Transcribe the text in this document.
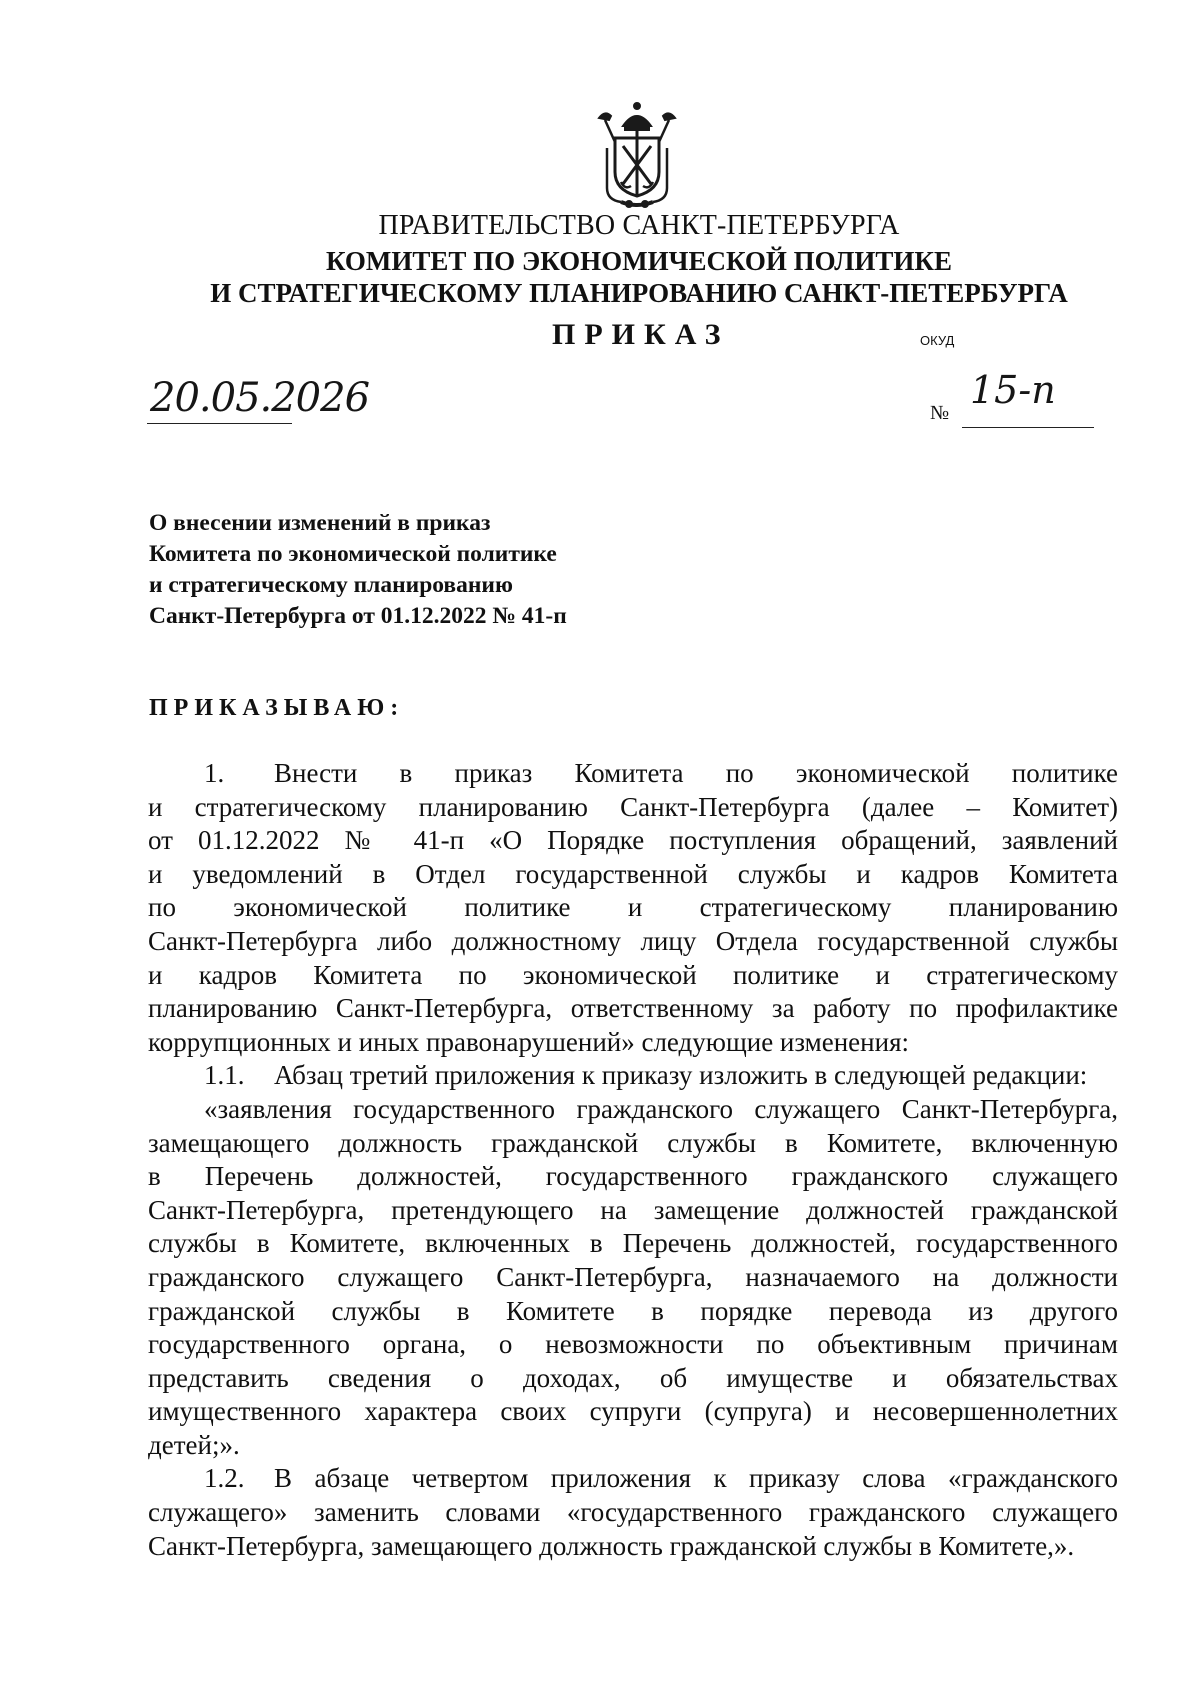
ПРАВИТЕЛЬСТВО САНКТ-ПЕТЕРБУРГА
КОМИТЕТ ПО ЭКОНОМИЧЕСКОЙ ПОЛИТИКЕ
И СТРАТЕГИЧЕСКОМУ ПЛАНИРОВАНИЮ САНКТ-ПЕТЕРБУРГА
ПРИКАЗ	ОКУД
20.05.2026	№
15-п
О внесении изменений в приказ
Комитета по экономической политике
и стратегическому планированию
Санкт-Петербурга от 01.12.2022 № 41-п
ПРИКАЗЫВАЮ:
1.	Внести в приказ Комитета по экономической политике
и стратегическому планированию Санкт-Петербурга (далее – Комитет)
от 01.12.2022 № 41-п «О Порядке поступления обращений, заявлений
и уведомлений в Отдел государственной службы и кадров Комитета
по экономической политике и стратегическому планированию
Санкт-Петербурга либо должностному лицу Отдела государственной службы
и кадров Комитета по экономической политике и стратегическому
планированию Санкт-Петербурга, ответственному за работу по профилактике
коррупционных и иных правонарушений» следующие изменения:
1.1. Абзац третий приложения к приказу изложить в следующей редакции:
«заявления государственного гражданского служащего Санкт-Петербурга,
замещающего должность гражданской службы в Комитете, включенную
в Перечень должностей, государственного гражданского служащего
Санкт-Петербурга, претендующего на замещение должностей гражданской
службы в Комитете, включенных в Перечень должностей, государственного
гражданского служащего Санкт-Петербурга, назначаемого на должности
гражданской службы в Комитете в порядке перевода из другого
государственного органа, о невозможности по объективным причинам
представить сведения о доходах, об имуществе и обязательствах
имущественного характера своих супруги (супруга) и несовершеннолетних
детей;».
1.2.	В абзаце четвертом приложения к приказу слова «гражданского
служащего» заменить словами «государственного гражданского служащего
Санкт-Петербурга, замещающего должность гражданской службы в Комитете,».
